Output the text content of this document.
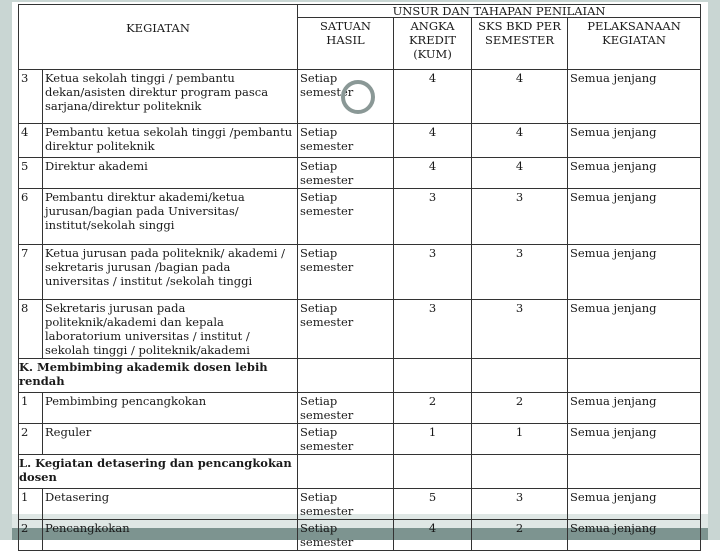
KEGIATAN		UNSUR DAN TAHAPAN PENILAIAN			
		SATUAN HASIL	ANGKA KREDIT (KUM)	SKS BKD PER SEMESTER	PELAKSANAAN KEGIATAN
3	Ketua sekolah tinggi / pembantu dekan/asisten direktur program pasca sarjana/direktur politeknik	Setiap semester	4	4	Semua jenjang
4	Pembantu ketua sekolah tinggi /pembantu direktur politeknik	Setiap semester	4	4	Semua jenjang
5	Direktur akademi	Setiap semester	4	4	Semua jenjang
6	Pembantu direktur akademi/ketua jurusan/bagian pada Universitas/ institut/sekolah singgi	Setiap semester	3	3	Semua jenjang
7	Ketua jurusan pada politeknik/ akademi / sekretaris jurusan /bagian pada universitas / institut /sekolah tinggi	Setiap semester	3	3	Semua jenjang
8	Sekretaris jurusan pada politeknik/akademi dan kepala laboratorium universitas / institut / sekolah tinggi / politeknik/akademi	Setiap semester	3	3	Semua jenjang
K. Membimbing akademik dosen lebih rendah					
1	Pembimbing pencangkokan	Setiap semester	2	2	Semua jenjang
2	Reguler	Setiap semester	1	1	Semua jenjang
L. Kegiatan detasering dan pencangkokan dosen					
1	Detasering	Setiap semester	5	3	Semua jenjang
2	Pencangkokan	Setiap semester	4	2	Semua jenjang
